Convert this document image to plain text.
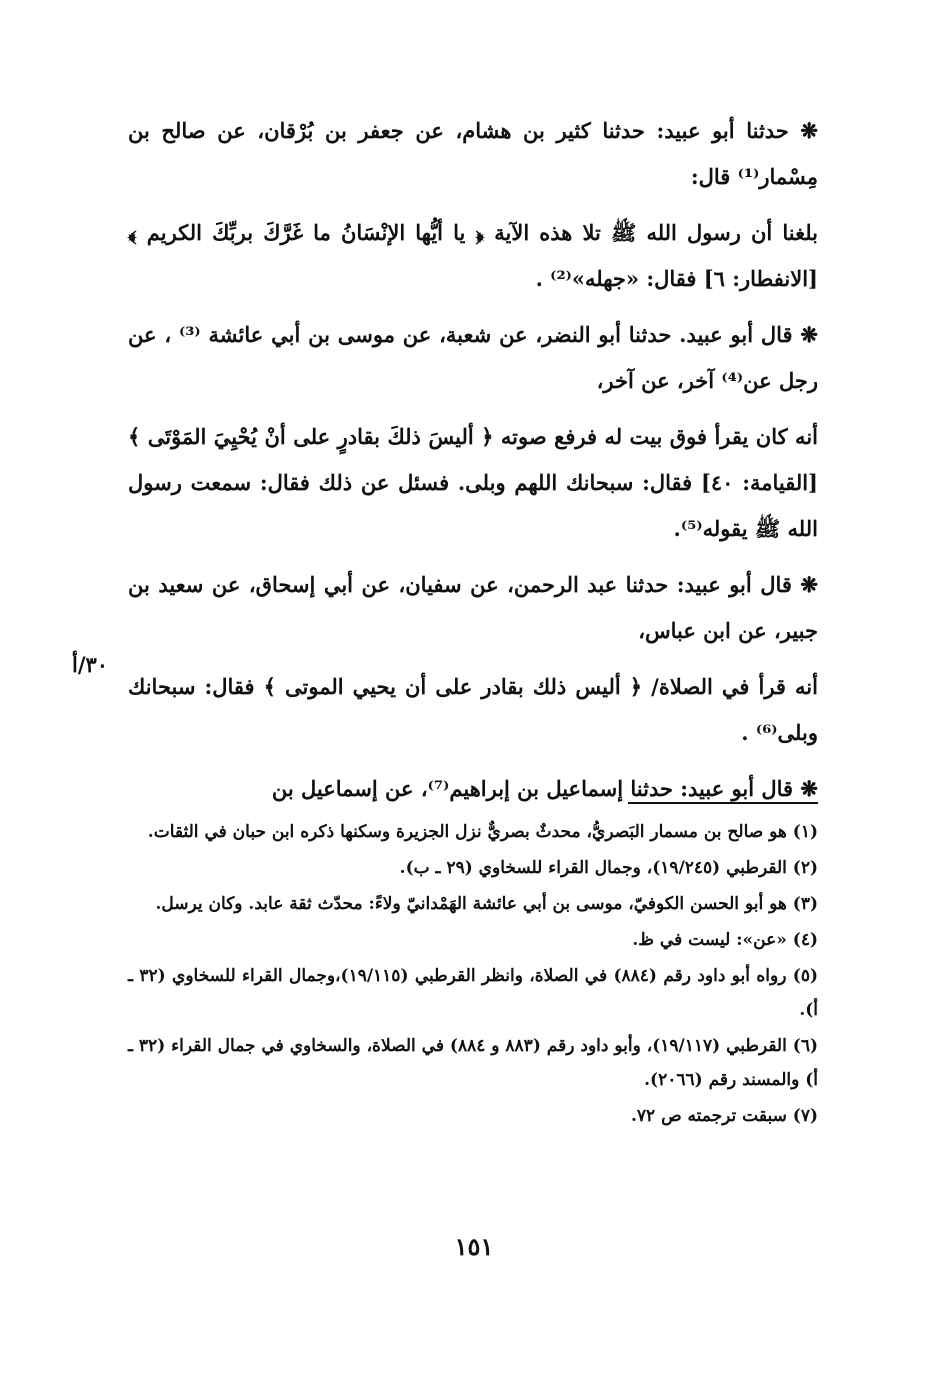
❋ حدثنا أبو عبيد: حدثنا كثير بن هشام، عن جعفر بن بُرْقان، عن صالح بن مِسْمار⁽¹⁾ قال:

بلغنا أن رسول الله ﷺ تلا هذه الآية ﴿ يا أيُّها الإنْسَانُ ما غَرَّكَ بربِّكَ الكريم ﴾ [الانفطار: ٦] فقال: «جهله»⁽²⁾ .

❋ قال أبو عبيد. حدثنا أبو النضر، عن شعبة، عن موسى بن أبي عائشة ⁽³⁾ ، عن رجل عن⁽⁴⁾ آخر، عن آخر،

أنه كان يقرأ فوق بيت له فرفع صوته ﴿ أليسَ ذلكَ بقادرٍ على أنْ يُحْيِيَ المَوْتَى ﴾ [القيامة: ٤٠] فقال: سبحانك اللهم وبلى. فسئل عن ذلك فقال: سمعت رسول الله ﷺ يقوله⁽⁵⁾.

❋ قال أبو عبيد: حدثنا عبد الرحمن، عن سفيان، عن أبي إسحاق، عن سعيد بن جبير، عن ابن عباس،

أنه قرأ في الصلاة/ ﴿ أليس ذلك بقادر على أن يحيي الموتى ﴾ فقال: سبحانك وبلى⁽⁶⁾ .

❋ قال أبو عبيد: حدثنا إسماعيل بن إبراهيم⁽⁷⁾، عن إسماعيل بن

٣٠/أ

(١) هو صالح بن مسمار البَصريُّ، محدثٌ بصريٌّ نزل الجزيرة وسكنها ذكره ابن حبان في الثقات.

(٢) القرطبي (١٩/٢٤٥)، وجمال القراء للسخاوي (٢٩ ـ ب).

(٣) هو أبو الحسن الكوفيّ، موسى بن أبي عائشة الهَمْدانيّ ولاءً: محدّث ثقة عابد. وكان يرسل.

(٤) «عن»: ليست في ظ.

(٥) رواه أبو داود رقم (٨٨٤) في الصلاة، وانظر القرطبي (١٩/١١٥)،وجمال القراء للسخاوي (٣٢ ـ أ).

(٦) القرطبي (١٩/١١٧)، وأبو داود رقم (٨٨٣ و ٨٨٤) في الصلاة، والسخاوي في جمال القراء (٣٢ ـ أ) والمسند رقم (٢٠٦٦).

(٧) سبقت ترجمته ص ٧٢.

١٥١
